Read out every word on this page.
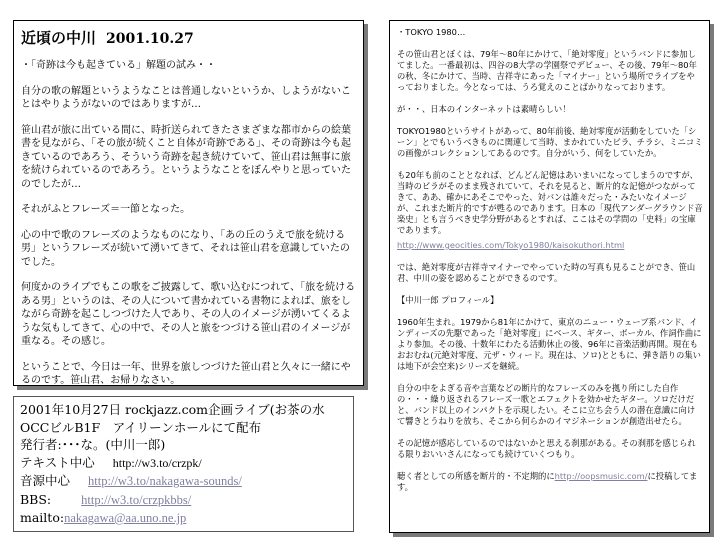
近頃の中川 2001.10.27

・「奇跡は今も起きている」解題の試み・・

自分の歌の解題というようなことは普通しないというか、しようがないことはやりようがないのではありますが…

笹山君が旅に出ている間に、時折送られてきたさまざまな都市からの絵葉書を見ながら、「その旅が続くこと自体が奇跡である」、その奇跡は今も起きているのであろう、そういう奇跡を起き続けていて、笹山君は無事に旅を続けられているのであろう。というようなことをぼんやりと思っていたのでしたが…

それがふとフレーズ＝一節となった。

心の中で歌のフレーズのようなものになり、「あの丘のうえで旅を続ける男」というフレーズが続いて湧いてきて、それは笹山君を意識していたのでした。

何度かのライブでもこの歌をご披露して、歌い込むにつれて、「旅を続けるある男」というのは、その人について書かれている書物によれば、旅をしながら奇跡を起こしつづけた人であり、その人のイメージが湧いてくるような気もしてきて、心の中で、その人と旅をつづける笹山君のイメージが重なる。その感じ。

ということで、今日は一年、世界を旅しつづけた笹山君と久々に一緒にやるのです。笹山君、お帰りなさい。

2001年10月27日 rockjazz.com企画ライブ(お茶の水
OCCビルB1F　アイリーンホールにて配布
発行者:･･･な。(中川一郎)
テキスト中心 http://w3.to/crzpk/
音源中心 http://w3.to/nakagawa-sounds/
BBS: http://w3.to/crzpkbbs/
mailto:nakagawa@aa.uno.ne.jp

・TOKYO 1980…

その笹山君とぼくは、79年〜80年にかけて、「絶対零度」というバンドに参加してました。一番最初は、四谷の8大学の学園祭でデビュー、その後、79年〜80年の秋、冬にかけて、当時、吉祥寺にあった「マイナー」という場所でライブをやっておりました。今となっては、うろ覚えのことばかりなっております。

が・・、日本のインターネットは素晴らしい！

TOKYO1980というサイトがあって、80年前後、絶対零度が活動をしていた「シーン」とでもいうべきものに関連して当時、まかれていたビラ、チラシ、ミニコミの画像がコレクションしてあるのです。自分がいう、何をしていたか。

も20年も前のこととなれば、どんどん記憶はあいまいになってしまうのですが、当時のビラがそのまま残されていて、それを見ると、断片的な記憶がつながってきて、ああ、確かにあそこでやった、対バンは誰々だった・みたいなイメージが、これまた断片的ですが甦るのであります。日本の「現代アンダーグラウンド音楽史」とも言うべき史学分野があるとすれば、ここはその学問の「史料」の宝庫であります。

http://www.geocities.com/Tokyo1980/kaisokuthori.html

では、絶対零度が吉祥寺マイナーでやっていた時の写真も見ることができ、笹山君、中川の姿を認めることができるのです。

【中川一郎 プロフィール】

1960年生まれ。1979から81年にかけて、東京のニュー・ウェーブ系バンド、インディーズの先駆であった「絶対零度」にベース、ギター、ボーカル、作詞作曲により参加。その後、十数年にわたる活動休止の後、96年に音楽活動再開。現在もおおむね(元絶対零度、元ザ・ウィード。現在は、ソロ)とともに、弾き語りの集いは地下が会空来)シリーズを継続。

自分の中をよぎる音や言葉などの断片的なフレーズのみを拠り所にした自作の・・・繰り返されるフレーズ一歌とエフェクトを効かせたギター。ソロだけだと、バンド以上のインパクトを示現したい。そこに立ち会う人の潜在意識に向けて響きとうねりを放ち、そこから何らかのイマジネーションが創造出せたら。

その記憶が感応しているのではないかと思える刹那がある。その刹那を感じられる限りおいいさんになっても続けていくつもり。

聴く者としての所感を断片的・不定期的にhttp://oopsmusic.com/に投稿してます。
